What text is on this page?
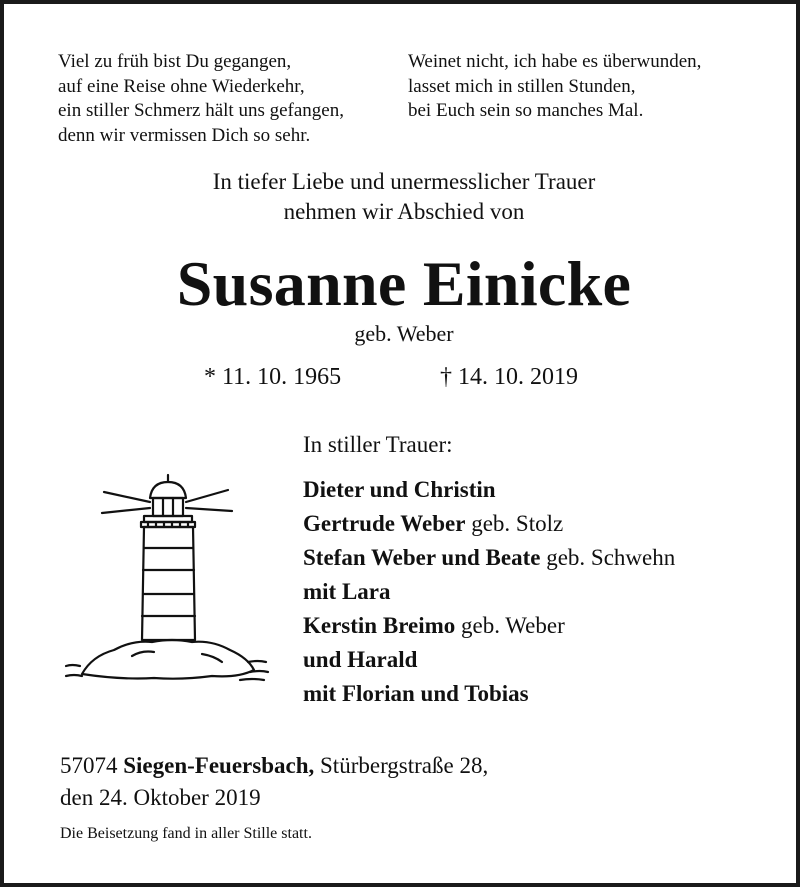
Viel zu früh bist Du gegangen,
auf eine Reise ohne Wiederkehr,
ein stiller Schmerz hält uns gefangen,
denn wir vermissen Dich so sehr.
Weinet nicht, ich habe es überwunden,
lasset mich in stillen Stunden,
bei Euch sein so manches Mal.
In tiefer Liebe und unermesslicher Trauer
nehmen wir Abschied von
Susanne Einicke
geb. Weber
* 11. 10. 1965	† 14. 10. 2019
In stiller Trauer:
Dieter und Christin
Gertrude Weber geb. Stolz
Stefan Weber und Beate geb. Schwehn
mit Lara
Kerstin Breimo geb. Weber
und Harald
mit Florian und Tobias
57074 Siegen-Feuersbach, Stürbergstraße 28,
den 24. Oktober 2019
Die Beisetzung fand in aller Stille statt.
